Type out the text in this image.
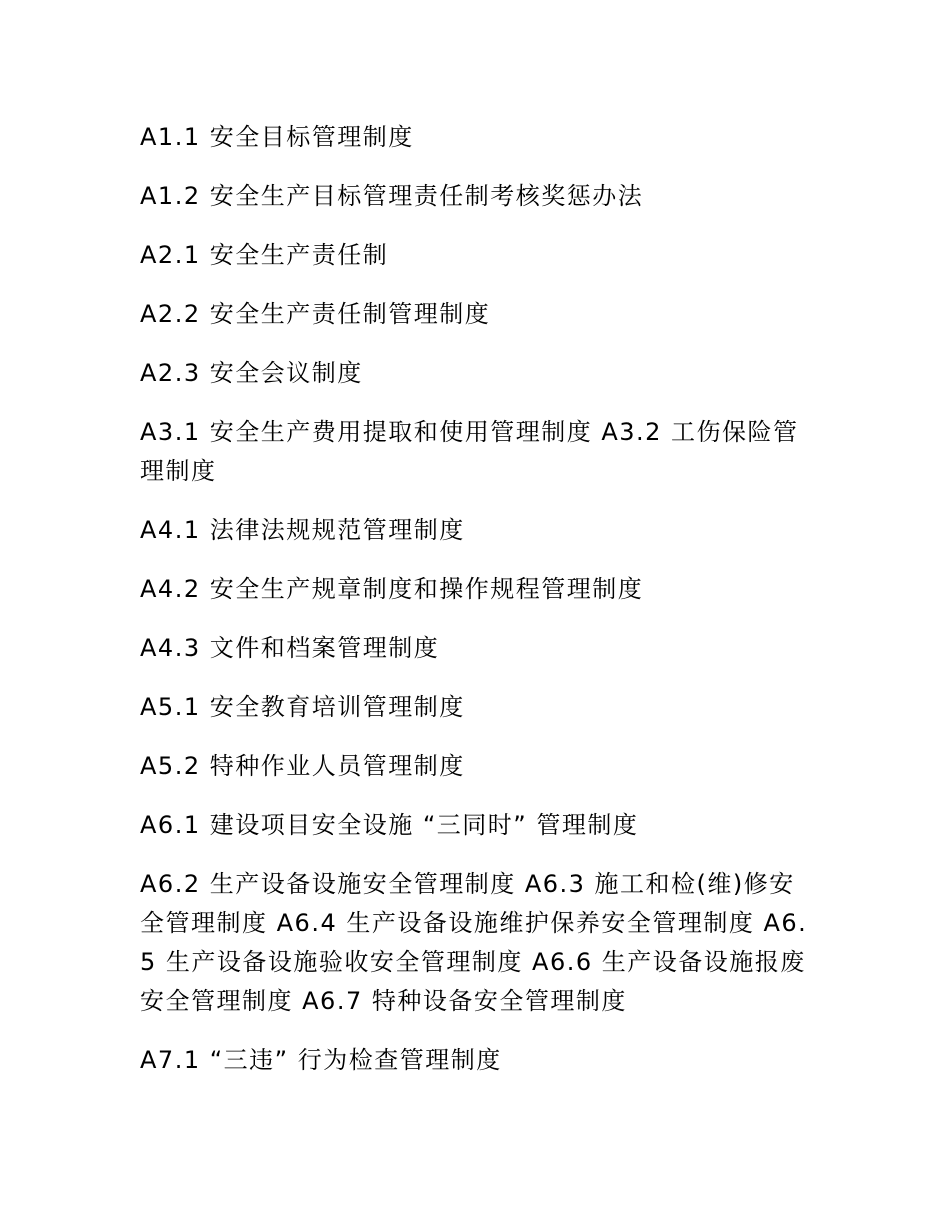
A1.1 安全目标管理制度

A1.2 安全生产目标管理责任制考核奖惩办法

A2.1 安全生产责任制

A2.2 安全生产责任制管理制度

A2.3 安全会议制度

A3.1 安全生产费用提取和使用管理制度 A3.2 工伤保险管理制度

A4.1 法律法规规范管理制度

A4.2 安全生产规章制度和操作规程管理制度

A4.3 文件和档案管理制度

A5.1 安全教育培训管理制度

A5.2 特种作业人员管理制度

A6.1 建设项目安全设施 “三同时” 管理制度

A6.2 生产设备设施安全管理制度 A6.3 施工和检(维)修安全管理制度 A6.4 生产设备设施维护保养安全管理制度 A6.5 生产设备设施验收安全管理制度 A6.6 生产设备设施报废安全管理制度 A6.7 特种设备安全管理制度

A7.1 “三违” 行为检查管理制度
